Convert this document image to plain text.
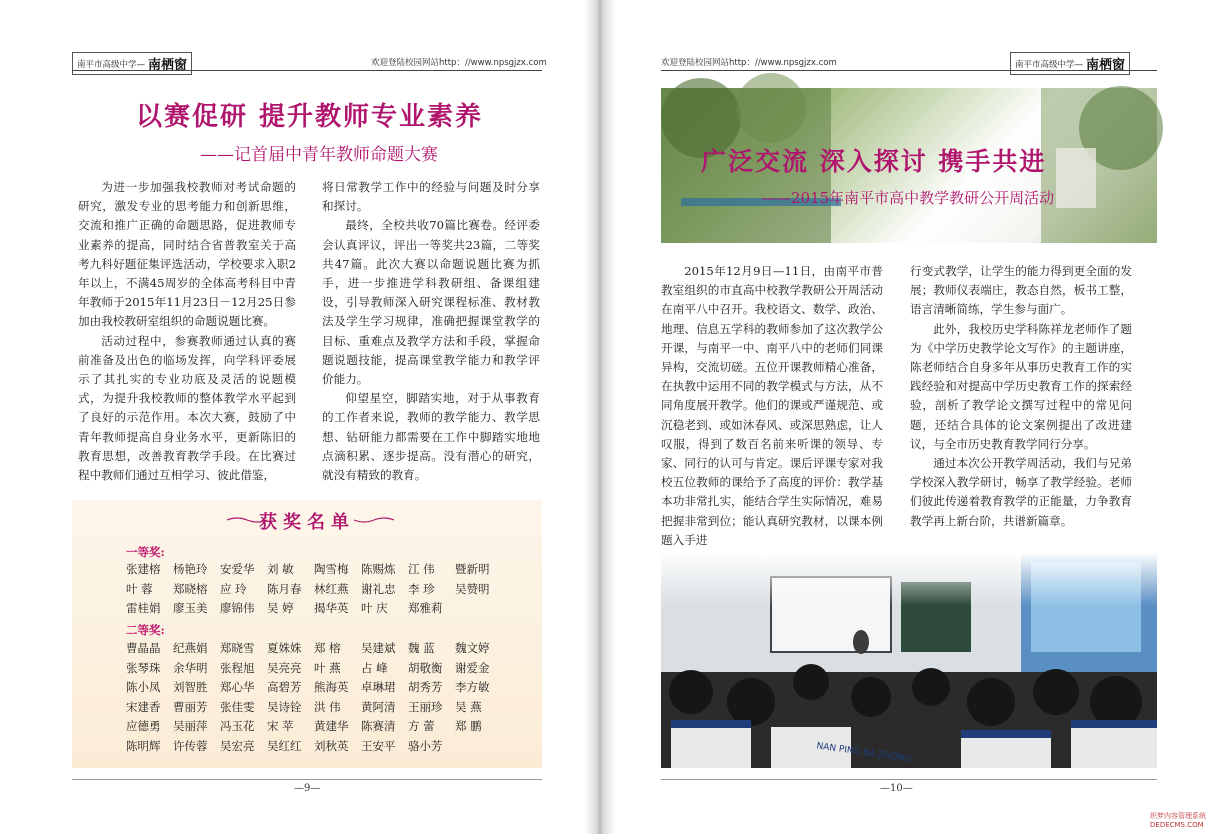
南平市高级中学— 南栖窗	欢迎登陆校园网站http：//www.npsgjzx.com
以赛促研 提升教师专业素养
——记首届中青年教师命题大赛

为进一步加强我校教师对考试命题的研究，激发专业的思考能力和创新思维，交流和推广正确的命题思路，促进教师专业素养的提高，同时结合省普教室关于高考九科好题征集评选活动，学校要求入职2年以上，不满45周岁的全体高考科目中青年教师于2015年11月23日－12月25日参加由我校教研室组织的命题说题比赛。

活动过程中，参赛教师通过认真的赛前准备及出色的临场发挥，向学科评委展示了其扎实的专业功底及灵活的说题模式，为提升我校教师的整体教学水平起到了良好的示范作用。本次大赛，鼓励了中青年教师提高自身业务水平，更新陈旧的教育思想，改善教育教学手段。在比赛过程中教师们通过互相学习、彼此借鉴，

将日常教学工作中的经验与问题及时分享和探讨。

最终，全校共收70篇比赛卷。经评委会认真评议，评出一等奖共23篇，二等奖共47篇。此次大赛以命题说题比赛为抓手，进一步推进学科教研组、备课组建设，引导教师深入研究课程标准、教材教法及学生学习规律，准确把握课堂教学的目标、重难点及教学方法和手段，掌握命题说题技能，提高课堂教学能力和教学评价能力。

仰望星空，脚踏实地，对于从事教育的工作者来说，教师的教学能力、教学思想、钻研能力都需要在工作中脚踏实地地点滴积累、逐步提高。没有潜心的研究，就没有精致的教育。

获奖名单
一等奖:
张建榕	杨艳玲	安爱华	刘 敏	陶雪梅	陈赐炼	江 伟	暨新明
叶 蓉	郑晓榕	应 玲	陈月春	林红燕	谢礼忠	李 珍	吴赞明
雷桂娟	廖玉美	廖锦伟	吴 婷	揭华英	叶 庆	郑雅莉
二等奖:
曹晶晶	纪燕娟	郑晓雪	夏姝姝	郑 榕	吴建斌	魏 蓝	魏文婷
张琴珠	余华明	张程旭	吴亮亮	叶 燕	占 峰	胡敬衡	谢爱金
陈小凤	刘智胜	郑心华	高碧芳	熊海英	卓琳珺	胡秀芳	李方敏
宋建香	曹丽芳	张佳雯	吴诗铨	洪 伟	黄阿清	王丽珍	吴 燕
应德勇	吴丽萍	冯玉花	宋 苹	黄建华	陈赛清	方 蕾	郑 鹏
陈明辉	许传蓉	吴宏亮	吴红红	刘秋英	王安平	骆小芳
—9—
欢迎登陆校园网站http：//www.npsgjzx.com	南平市高级中学— 南栖窗
广泛交流 深入探讨 携手共进
——2015年南平市高中教学教研公开周活动

2015年12月9日—11日，由南平市普教室组织的市直高中校教学教研公开周活动在南平八中召开。我校语文、数学、政治、地理、信息五学科的教师参加了这次教学公开课，与南平一中、南平八中的老师们同课异构，交流切磋。五位开课教师精心准备，在执教中运用不同的教学模式与方法，从不同角度展开教学。他们的课或严谨规范、或沉稳老到、或如沐春风、或深思熟虑，让人叹服，得到了数百名前来听课的领导、专家、同行的认可与肯定。课后评课专家对我校五位教师的课给予了高度的评价：教学基本功非常扎实，能结合学生实际情况，难易把握非常到位；能认真研究教材，以课本例题入手进

行变式教学，让学生的能力得到更全面的发展；教师仪表端庄，教态自然，板书工整，语言清晰简练，学生参与面广。

此外，我校历史学科陈祥龙老师作了题为《中学历史教学论文写作》的主题讲座，陈老师结合自身多年从事历史教育工作的实践经验和对提高中学历史教育工作的探索经验，剖析了教学论文撰写过程中的常见问题，还结合具体的论文案例提出了改进建议，与全市历史教育教学同行分享。

通过本次公开教学周活动，我们与兄弟学校深入教学研讨，畅享了教学经验。老师们彼此传递着教育教学的正能量，力争教育教学再上新台阶，共谱新篇章。

NAN PING BA ZHONG
—10—
织梦内容管理系统
DEDECMS.COM
